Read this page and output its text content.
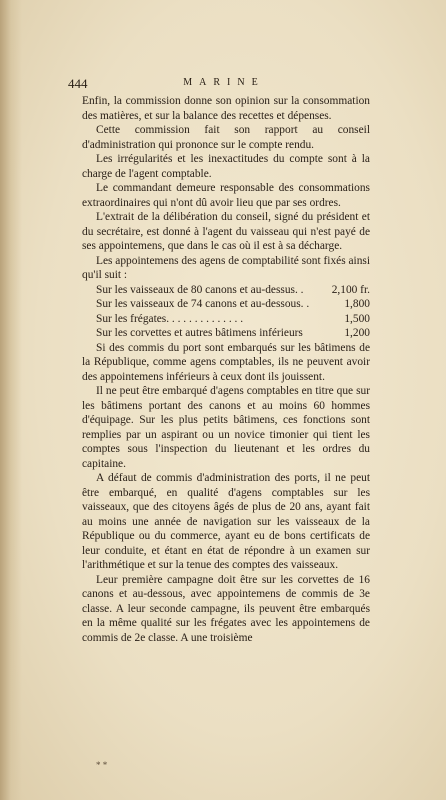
444	MARINE

Enfin, la commission donne son opinion sur la consommation des matières, et sur la balance des recettes et dépenses.

Cette commission fait son rapport au conseil d'administration qui prononce sur le compte rendu.

Les irrégularités et les inexactitudes du compte sont à la charge de l'agent comptable.

Le commandant demeure responsable des consommations extraordinaires qui n'ont dû avoir lieu que par ses ordres.

L'extrait de la délibération du conseil, signé du président et du secrétaire, est donné à l'agent du vaisseau qui n'est payé de ses appointemens, que dans le cas où il est à sa décharge.

Les appointemens des agens de comptabilité sont fixés ainsi qu'il suit :

Sur les vaisseaux de 80 canons et au-dessus. .	2,100 fr.
Sur les vaisseaux de 74 canons et au-dessous. .	1,800
Sur les frégates. . . . . . . . . . . . . .	1,500
Sur les corvettes et autres bâtimens inférieurs	1,200

Si des commis du port sont embarqués sur les bâtimens de la République, comme agens comptables, ils ne peuvent avoir des appointemens inférieurs à ceux dont ils jouissent.

Il ne peut être embarqué d'agens comptables en titre que sur les bâtimens portant des canons et au moins 60 hommes d'équipage. Sur les plus petits bâtimens, ces fonctions sont remplies par un aspirant ou un novice timonier qui tient les comptes sous l'inspection du lieutenant et les ordres du capitaine.

A défaut de commis d'administration des ports, il ne peut être embarqué, en qualité d'agens comptables sur les vaisseaux, que des citoyens âgés de plus de 20 ans, ayant fait au moins une année de navigation sur les vaisseaux de la République ou du commerce, ayant eu de bons certificats de leur conduite, et étant en état de répondre à un examen sur l'arithmétique et sur la tenue des comptes des vaisseaux.

Leur première campagne doit être sur les corvettes de 16 canons et au-dessous, avec appointemens de commis de 3e classe. A leur seconde campagne, ils peuvent être embarqués en la même qualité sur les frégates avec les appointemens de commis de 2e classe. A une troisième

* *
